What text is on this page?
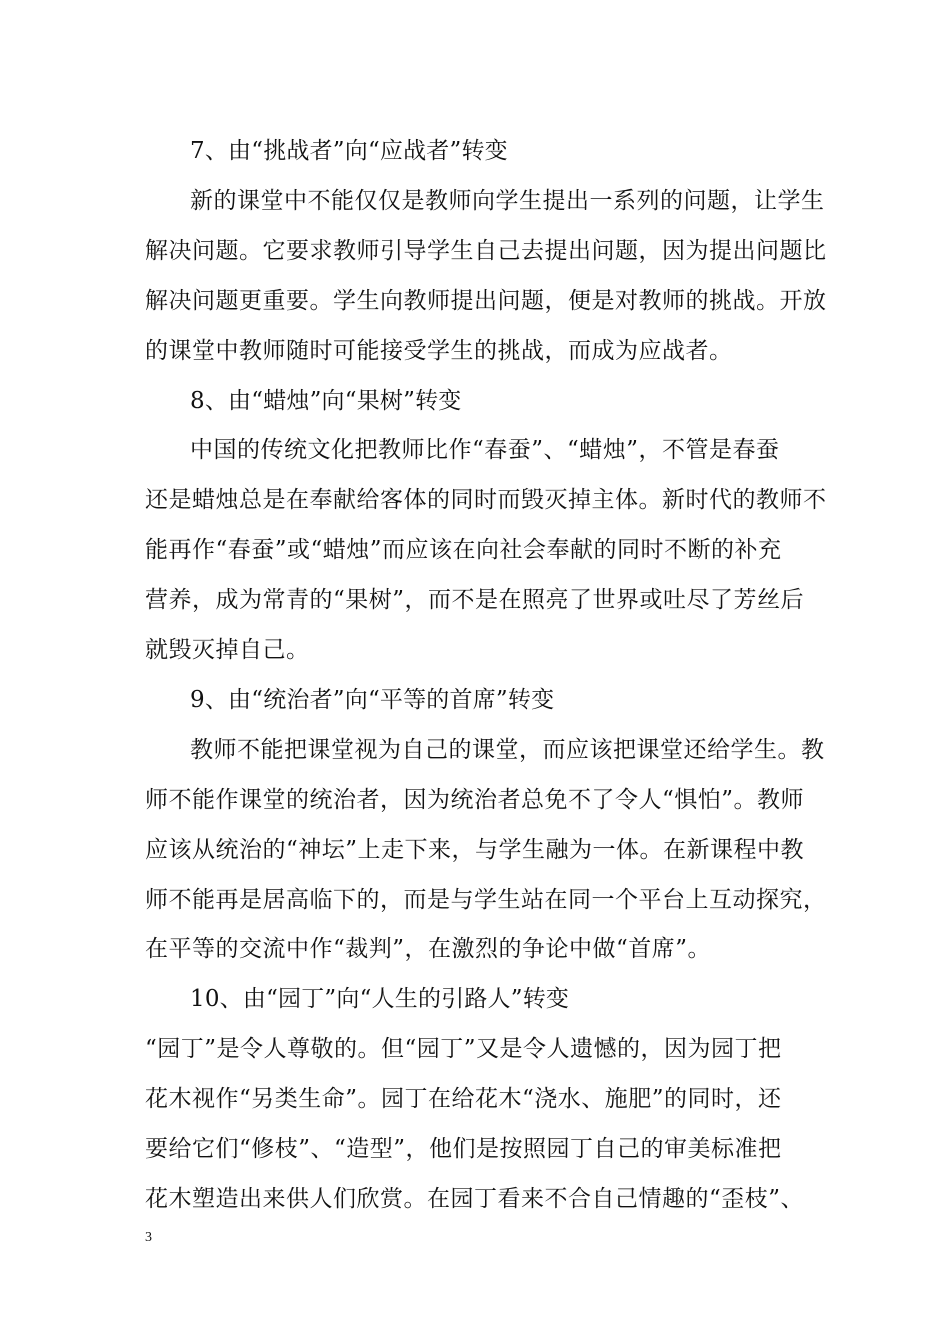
7、由“挑战者”向“应战者”转变
新的课堂中不能仅仅是教师向学生提出一系列的问题，让学生
解决问题。它要求教师引导学生自己去提出问题，因为提出问题比
解决问题更重要。学生向教师提出问题，便是对教师的挑战。开放
的课堂中教师随时可能接受学生的挑战，而成为应战者。
8、由“蜡烛”向“果树”转变
中国的传统文化把教师比作“春蚕”、“蜡烛”，不管是春蚕
还是蜡烛总是在奉献给客体的同时而毁灭掉主体。新时代的教师不
能再作“春蚕”或“蜡烛”而应该在向社会奉献的同时不断的补充
营养，成为常青的“果树”，而不是在照亮了世界或吐尽了芳丝后
就毁灭掉自己。
9、由“统治者”向“平等的首席”转变
教师不能把课堂视为自己的课堂，而应该把课堂还给学生。教
师不能作课堂的统治者，因为统治者总免不了令人“惧怕”。教师
应该从统治的“神坛”上走下来，与学生融为一体。在新课程中教
师不能再是居高临下的，而是与学生站在同一个平台上互动探究，
在平等的交流中作“裁判”，在激烈的争论中做“首席”。
10、由“园丁”向“人生的引路人”转变
“园丁”是令人尊敬的。但“园丁”又是令人遗憾的，因为园丁把
花木视作“另类生命”。园丁在给花木“浇水、施肥”的同时，还
要给它们“修枝”、“造型”，他们是按照园丁自己的审美标准把
花木塑造出来供人们欣赏。在园丁看来不合自己情趣的“歪枝”、
3
